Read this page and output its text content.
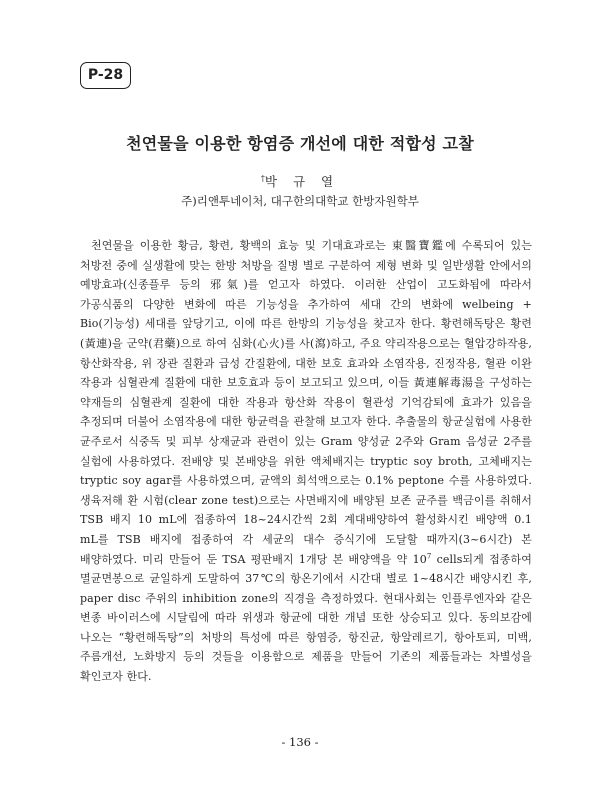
P-28
천연물을 이용한 항염증 개선에 대한 적합성 고찰
†박 규 열
주)리앤투네이처, 대구한의대학교 한방자원학부

천연물을 이용한 황금, 황련, 황백의 효능 및 기대효과로는 東醫寶鑑에 수록되어 있는 처방전 중에 실생활에 맞는 한방 처방을 질병 별로 구분하여 제형 변화 및 일반생활 안에서의 예방효과(신종플루 등의 邪氣)를 얻고자 하였다. 이러한 산업이 고도화됨에 따라서 가공식품의 다양한 변화에 따른 기능성을 추가하여 세대 간의 변화에 welbeing + Bio(기능성) 세대를 앞당기고, 이에 따른 한방의 기능성을 찾고자 한다. 황련해독탕은 황련(黃連)을 군약(君藥)으로 하여 심화(心火)를 사(瀉)하고, 주요 약리작용으로는 혈압강하작용, 항산화작용, 위 장관 질환과 급성 간질환에, 대한 보호 효과와 소염작용, 진정작용, 혈관 이완 작용과 심혈관계 질환에 대한 보호효과 등이 보고되고 있으며, 이들 黃連解毒湯을 구성하는 약재들의 심혈관계 질환에 대한 작용과 항산화 작용이 혈관성 기억감퇴에 효과가 있음을 추정되며 더불어 소염작용에 대한 항균력을 관찰해 보고자 한다. 추출물의 항균실험에 사용한 균주로서 식중독 및 피부 상재균과 관련이 있는 Gram 양성균 2주와 Gram 음성균 2주를 실험에 사용하였다. 전배양 및 본배양을 위한 액체배지는 tryptic soy broth, 고체배지는 tryptic soy agar를 사용하였으며, 균액의 희석액으로는 0.1% peptone 수를 사용하였다. 생육저해 환 시험(clear zone test)으로는 사면배지에 배양된 보존 균주를 백금이를 취해서 TSB 배지 10 mL에 접종하여 18~24시간씩 2회 계대배양하여 활성화시킨 배양액 0.1 mL를 TSB 배지에 접종하여 각 세균의 대수 증식기에 도달할 때까지(3~6시간) 본 배양하였다. 미리 만들어 둔 TSA 평판배지 1개당 본 배양액을 약 $10^7$ cells되게 접종하여 멸균면봉으로 균일하게 도말하여 37℃의 항온기에서 시간대 별로 1~48시간 배양시킨 후, paper disc 주위의 inhibition zone의 직경을 측정하였다. 현대사회는 인플루엔자와 같은 변종 바이러스에 시달림에 따라 위생과 항균에 대한 개념 또한 상승되고 있다. 동의보감에 나오는 “황련해독탕”의 처방의 특성에 따른 항염증, 항진균, 항알레르기, 항아토피, 미백, 주름개선, 노화방지 등의 것들을 이용함으로 제품을 만들어 기존의 제품들과는 차별성을 확인코자 한다.

- 136 -
